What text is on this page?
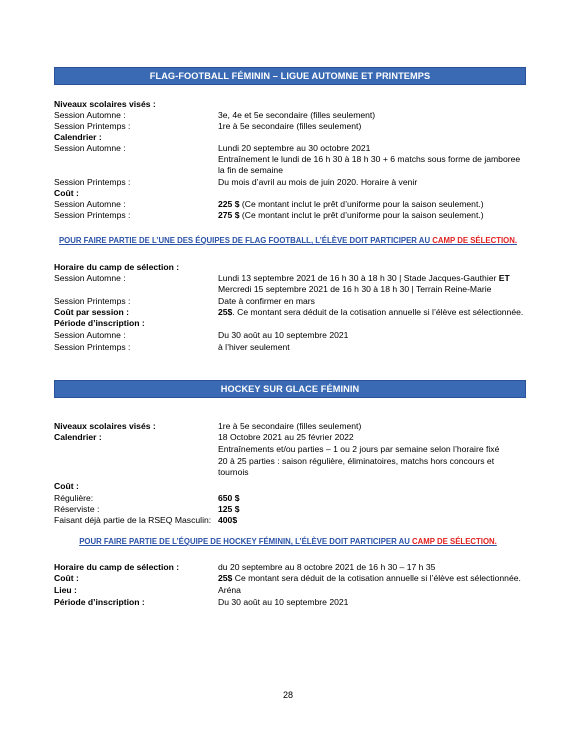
FLAG-FOOTBALL FÉMININ – LIGUE AUTOMNE ET PRINTEMPS
Niveaux scolaires visés :
Session Automne :	3e, 4e et 5e secondaire (filles seulement)
Session Printemps :	1re à 5e secondaire (filles seulement)
Calendrier :
Session Automne :	Lundi 20 septembre au 30 octobre 2021
Entraînement le lundi de 16 h 30 à 18 h 30 + 6 matchs sous forme de jamboree
la fin de semaine
Session Printemps :	Du mois d’avril au mois de juin 2020. Horaire à venir
Coût :
Session Automne :	225 $ (Ce montant inclut le prêt d’uniforme pour la saison seulement.)
Session Printemps :	275 $ (Ce montant inclut le prêt d’uniforme pour la saison seulement.)
POUR FAIRE PARTIE DE L’UNE DES ÉQUIPES DE FLAG FOOTBALL, L’ÉLÈVE DOIT PARTICIPER AU CAMP DE SÉLECTION.
Horaire du camp de sélection :
Session Automne :	Lundi 13 septembre 2021 de 16 h 30 à 18 h 30 | Stade Jacques-Gauthier ET
Mercredi 15 septembre 2021 de 16 h 30 à 18 h 30 | Terrain Reine-Marie
Session Printemps :	Date à confirmer en mars
Coût par session :	25$. Ce montant sera déduit de la cotisation annuelle si l’élève est sélectionnée.
Période d’inscription :
Session Automne :	Du 30 août au 10 septembre 2021
Session Printemps :	à l’hiver seulement
HOCKEY SUR GLACE FÉMININ
Niveaux scolaires visés :	1re à 5e secondaire (filles seulement)
Calendrier :	18 Octobre 2021 au 25 février 2022
Entraînements et/ou parties – 1 ou 2 jours par semaine selon l’horaire fixé
20 à 25 parties : saison régulière, éliminatoires, matchs hors concours et
tournois
Coût :
Régulière:	650 $
Réserviste :	125 $
Faisant déjà partie de la RSEQ Masculin: 400$
POUR FAIRE PARTIE DE L’ÉQUIPE DE HOCKEY FÉMININ, L’ÉLÈVE DOIT PARTICIPER AU CAMP DE SÉLECTION.
Horaire du camp de sélection :	du 20 septembre au 8 octobre 2021 de 16 h 30 – 17 h 35
Coût :	25$ Ce montant sera déduit de la cotisation annuelle si l’élève est sélectionnée.
Lieu :	Aréna
Période d’inscription :	Du 30 août au 10 septembre 2021
28
